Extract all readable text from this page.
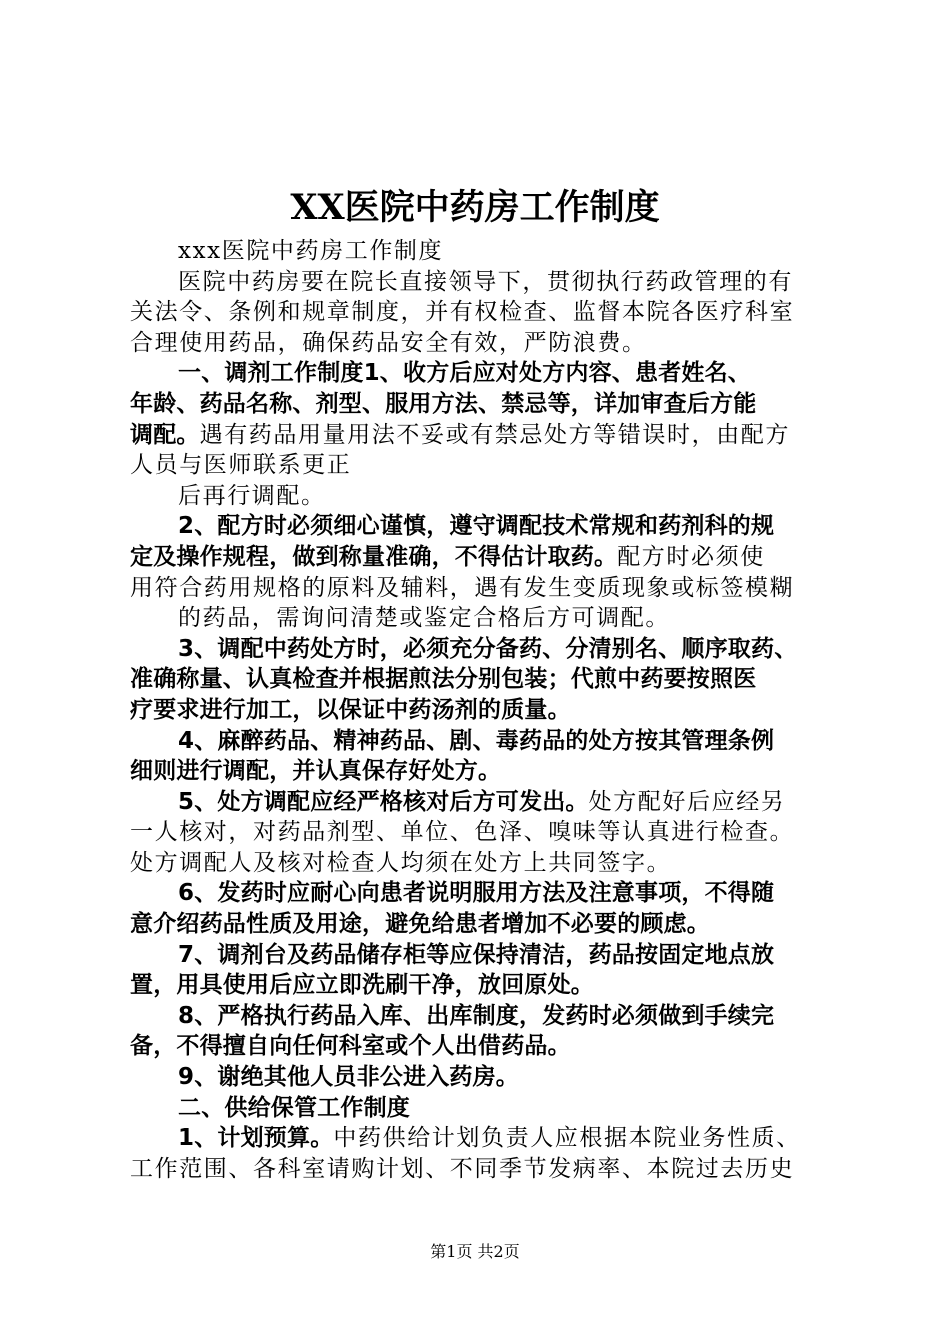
XX医院中药房工作制度
xxx医院中药房工作制度
医院中药房要在院长直接领导下，贯彻执行药政管理的有
关法令、条例和规章制度，并有权检查、监督本院各医疗科室
合理使用药品，确保药品安全有效，严防浪费。
一、调剂工作制度1、收方后应对处方内容、患者姓名、
年龄、药品名称、剂型、服用方法、禁忌等，详加审查后方能
调配。遇有药品用量用法不妥或有禁忌处方等错误时，由配方
人员与医师联系更正
后再行调配。
2、配方时必须细心谨慎，遵守调配技术常规和药剂科的规
定及操作规程，做到称量准确，不得估计取药。配方时必须使
用符合药用规格的原料及辅料，遇有发生变质现象或标签模糊
的药品，需询问清楚或鉴定合格后方可调配。
3、调配中药处方时，必须充分备药、分清别名、顺序取药、
准确称量、认真检查并根据煎法分别包装；代煎中药要按照医
疗要求进行加工，以保证中药汤剂的质量。
4、麻醉药品、精神药品、剧、毒药品的处方按其管理条例
细则进行调配，并认真保存好处方。
5、处方调配应经严格核对后方可发出。处方配好后应经另
一人核对，对药品剂型、单位、色泽、嗅味等认真进行检查。
处方调配人及核对检查人均须在处方上共同签字。
6、发药时应耐心向患者说明服用方法及注意事项，不得随
意介绍药品性质及用途，避免给患者增加不必要的顾虑。
7、调剂台及药品储存柜等应保持清洁，药品按固定地点放
置，用具使用后应立即洗刷干净，放回原处。
8、严格执行药品入库、出库制度，发药时必须做到手续完
备，不得擅自向任何科室或个人出借药品。
9、谢绝其他人员非公进入药房。
二、供给保管工作制度
1、计划预算。中药供给计划负责人应根据本院业务性质、
工作范围、各科室请购计划、不同季节发病率、本院过去历史
第1页 共2页
